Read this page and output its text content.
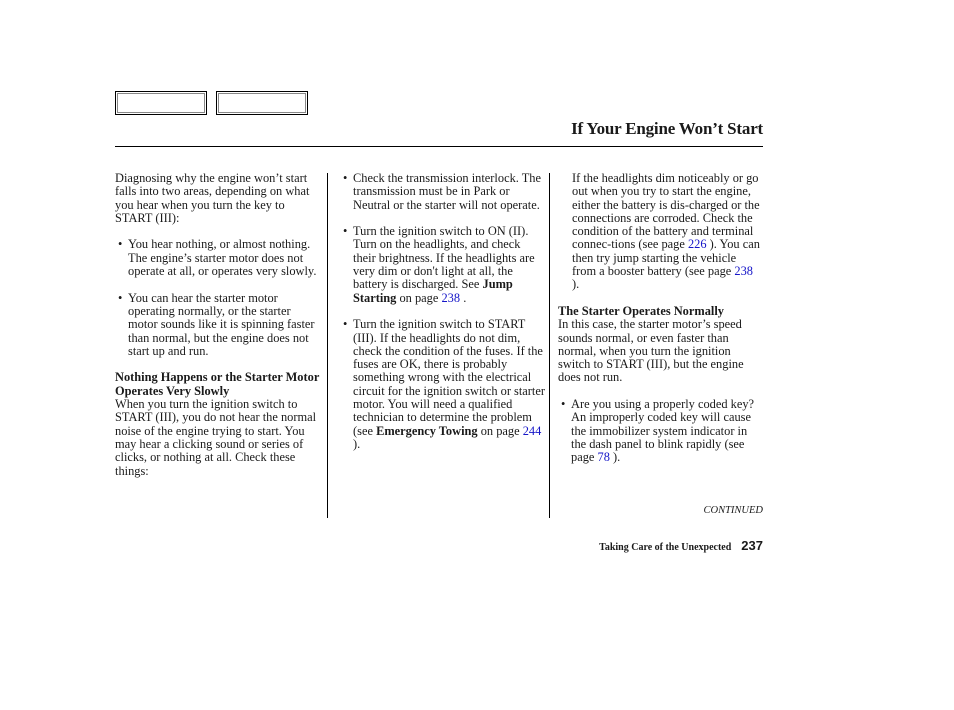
If Your Engine Won’t Start

Diagnosing why the engine won’t start falls into two areas, depending on what you hear when you turn the key to START (III):

• You hear nothing, or almost nothing. The engine’s starter motor does not operate at all, or operates very slowly.

• You can hear the starter motor operating normally, or the starter motor sounds like it is spinning faster than normal, but the engine does not start up and run.

Nothing Happens or the Starter Motor Operates Very Slowly

When you turn the ignition switch to START (III), you do not hear the normal noise of the engine trying to start. You may hear a clicking sound or series of clicks, or nothing at all. Check these things:

• Check the transmission interlock. The transmission must be in Park or Neutral or the starter will not operate.

• Turn the ignition switch to ON (II). Turn on the headlights, and check their brightness. If the headlights are very dim or don't light at all, the battery is discharged. See Jump Starting on page 238 .

• Turn the ignition switch to START (III). If the headlights do not dim, check the condition of the fuses. If the fuses are OK, there is probably something wrong with the electrical circuit for the ignition switch or starter motor. You will need a qualified technician to determine the problem (see Emergency Towing on page 244 ).

If the headlights dim noticeably or go out when you try to start the engine, either the battery is dis-charged or the connections are corroded. Check the condition of the battery and terminal connec-tions (see page 226 ). You can then try jump starting the vehicle from a booster battery (see page 238 ).

The Starter Operates Normally

In this case, the starter motor’s speed sounds normal, or even faster than normal, when you turn the ignition switch to START (III), but the engine does not run.

• Are you using a properly coded key? An improperly coded key will cause the immobilizer system indicator in the dash panel to blink rapidly (see page 78 ).

CONTINUED
Taking Care of the Unexpected 237
